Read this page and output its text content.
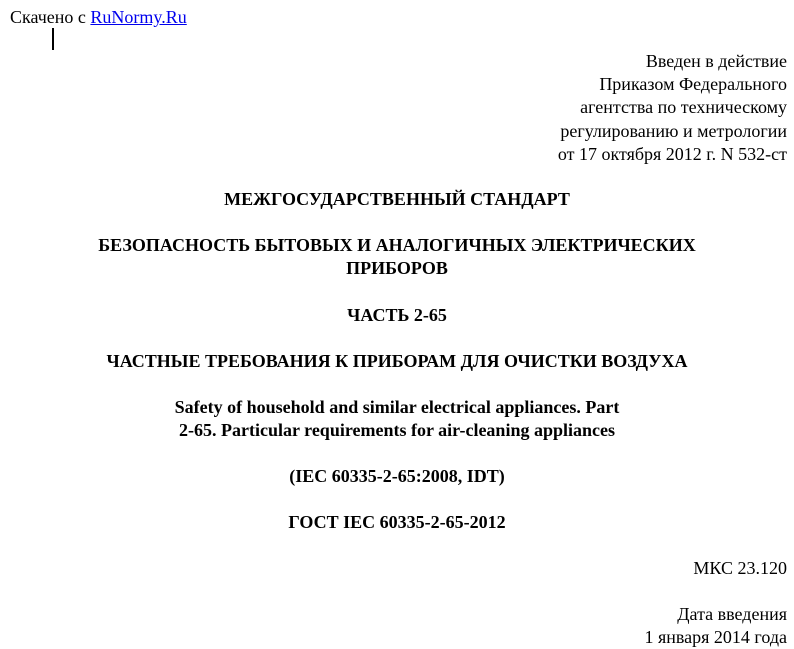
Скачено с RuNormy.Ru
Введен в действие
Приказом Федерального
агентства по техническому
регулированию и метрологии
от 17 октября 2012 г. N 532-ст
МЕЖГОСУДАРСТВЕННЫЙ СТАНДАРТ
БЕЗОПАСНОСТЬ БЫТОВЫХ И АНАЛОГИЧНЫХ ЭЛЕКТРИЧЕСКИХ
ПРИБОРОВ
ЧАСТЬ 2-65
ЧАСТНЫЕ ТРЕБОВАНИЯ К ПРИБОРАМ ДЛЯ ОЧИСТКИ ВОЗДУХА
Safety of household and similar electrical appliances. Part
2-65. Particular requirements for air-cleaning appliances
(IEC 60335-2-65:2008, IDT)
ГОСТ IEC 60335-2-65-2012
МКС 23.120
Дата введения
1 января 2014 года
